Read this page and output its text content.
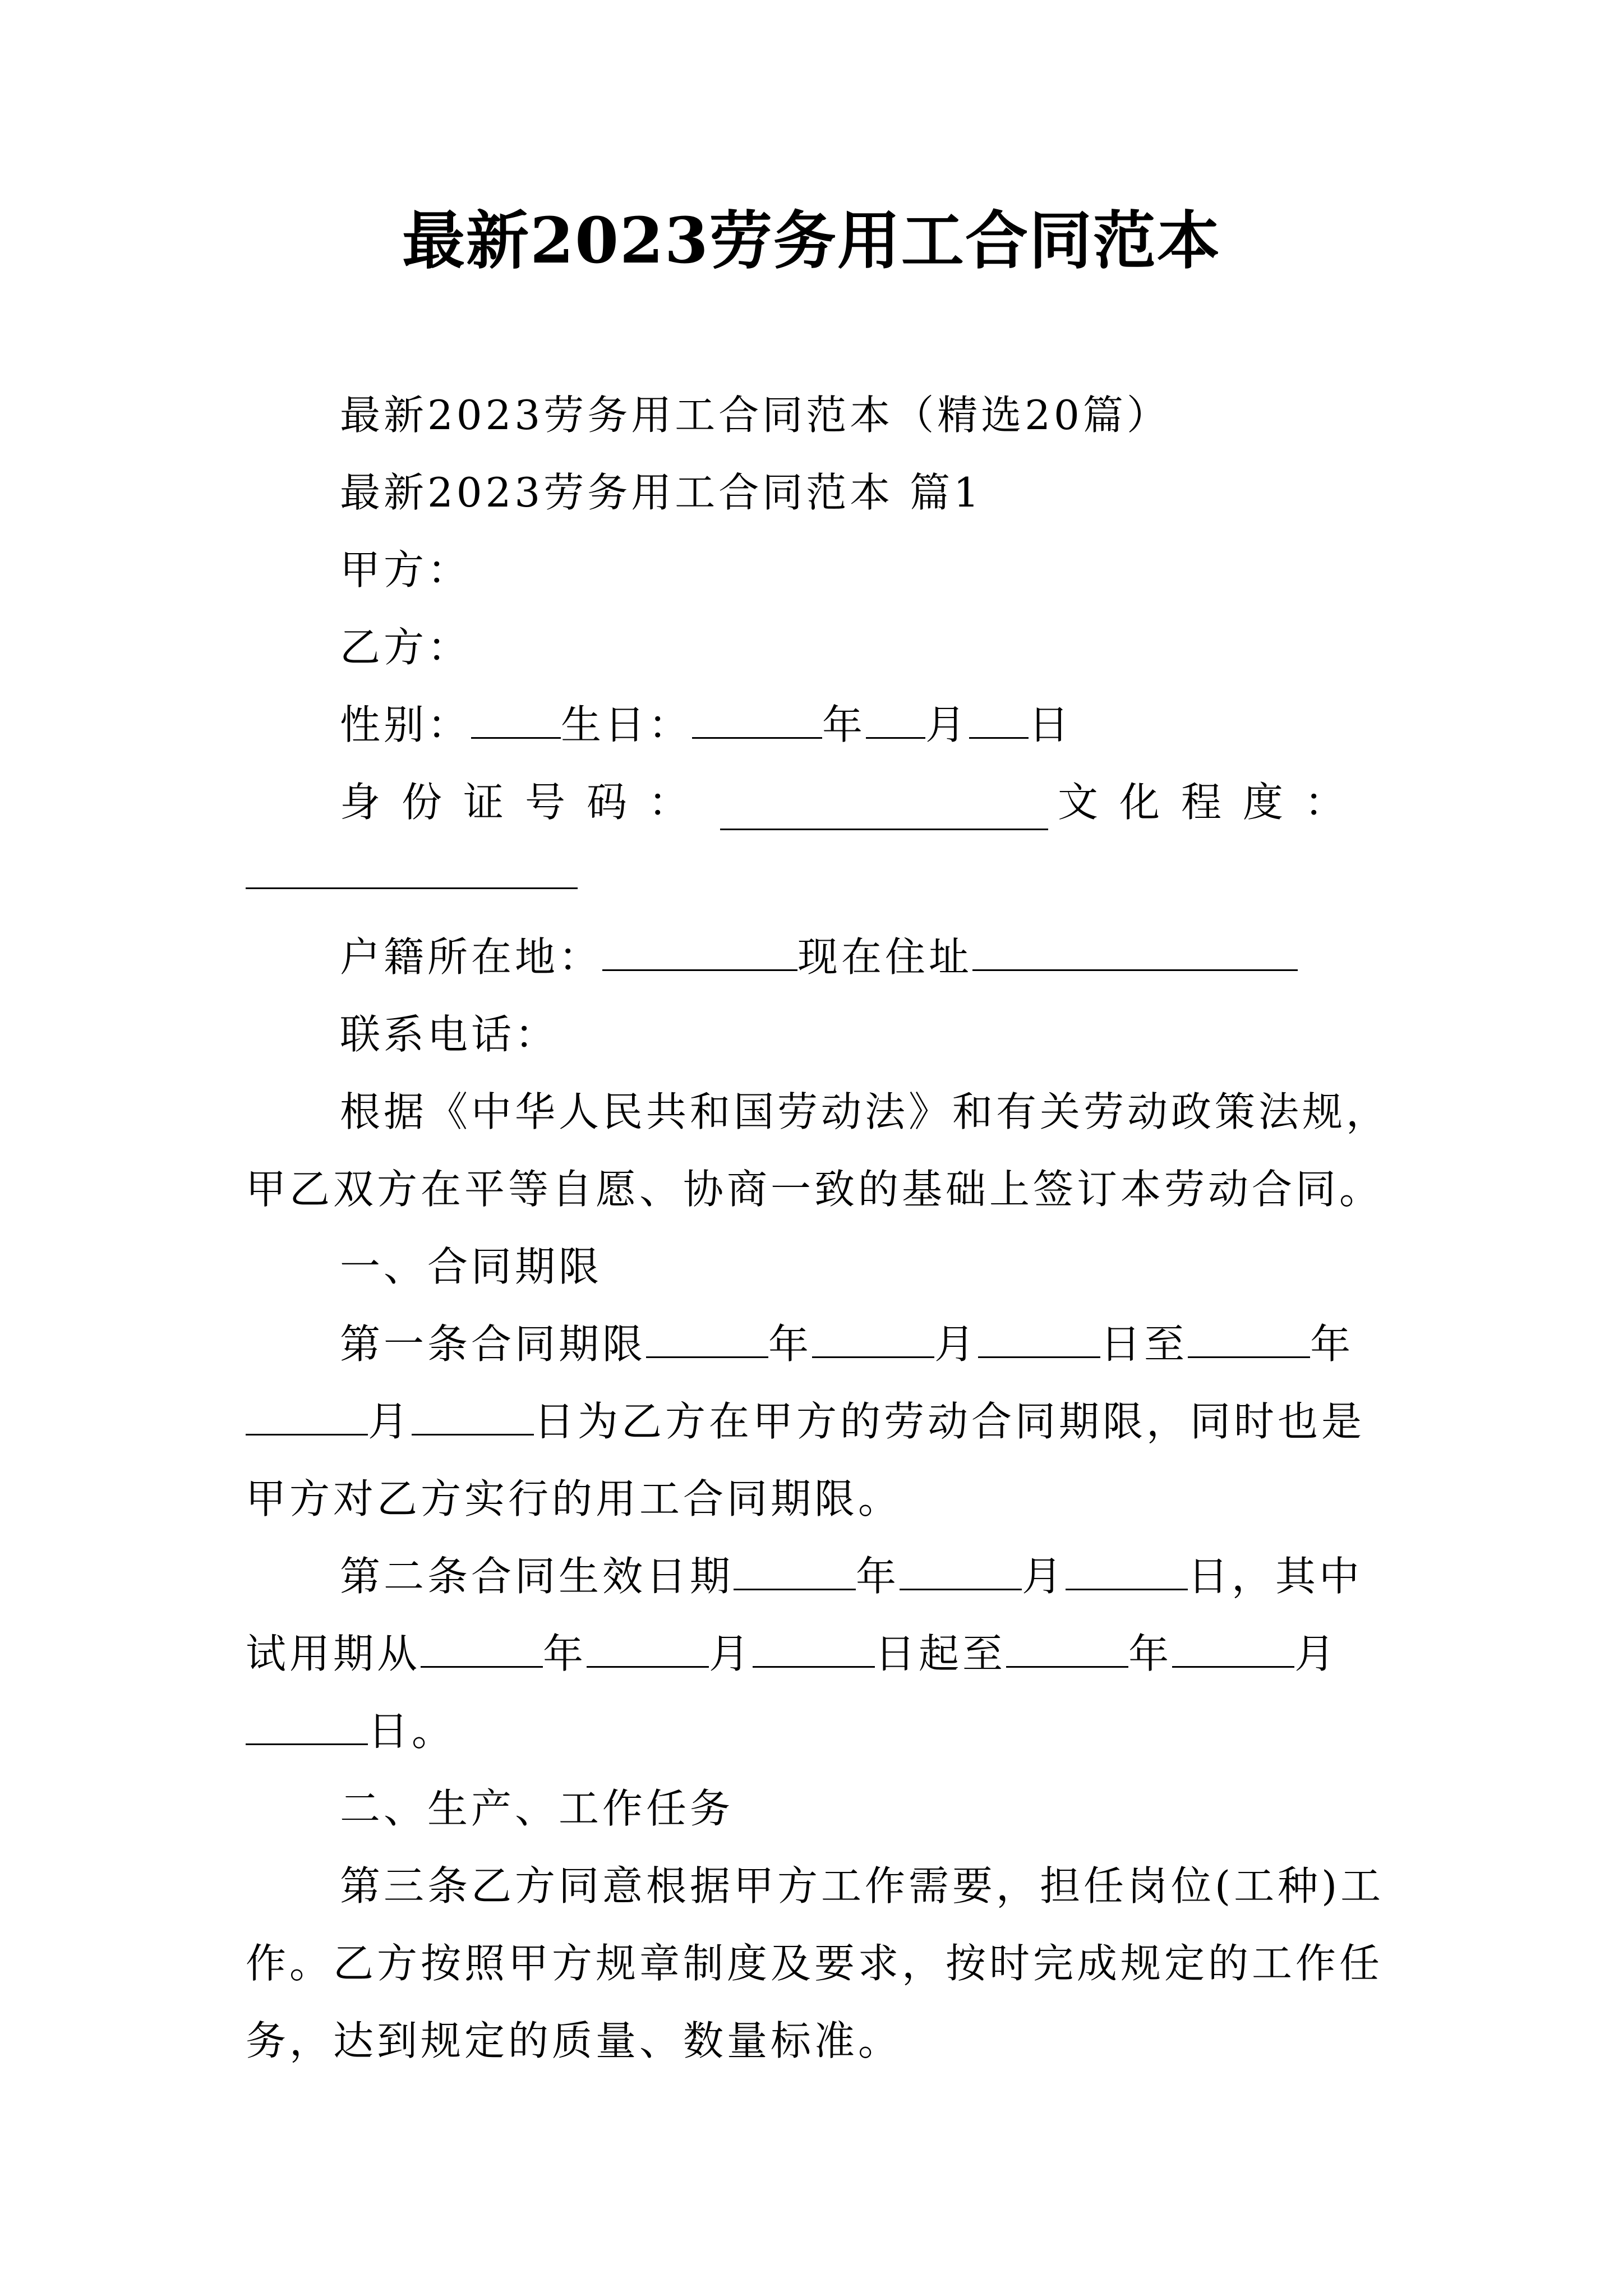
最新2023劳务用工合同范本
最新2023劳务用工合同范本（精选20篇）
最新2023劳务用工合同范本 篇1
甲方：
乙方：
性别： 生日：	年 月 日
身份证号码：	文化程度：
户籍所在地：	现在住址
联系电话：
根据《中华人民共和国劳动法》和有关劳动政策法规，
甲乙双方在平等自愿、协商一致的基础上签订本劳动合同。
一、合同期限
第一条合同期限	年	月	日至	年
月	日为乙方在甲方的劳动合同期限，同时也是
甲方对乙方实行的用工合同期限。
第二条合同生效日期	年	月	日，其中
试用期从	年	月	日起至	年	月
日。
二、生产、工作任务
第三条乙方同意根据甲方工作需要，担任岗位(工种)工
作。乙方按照甲方规章制度及要求，按时完成规定的工作任
务，达到规定的质量、数量标准。
